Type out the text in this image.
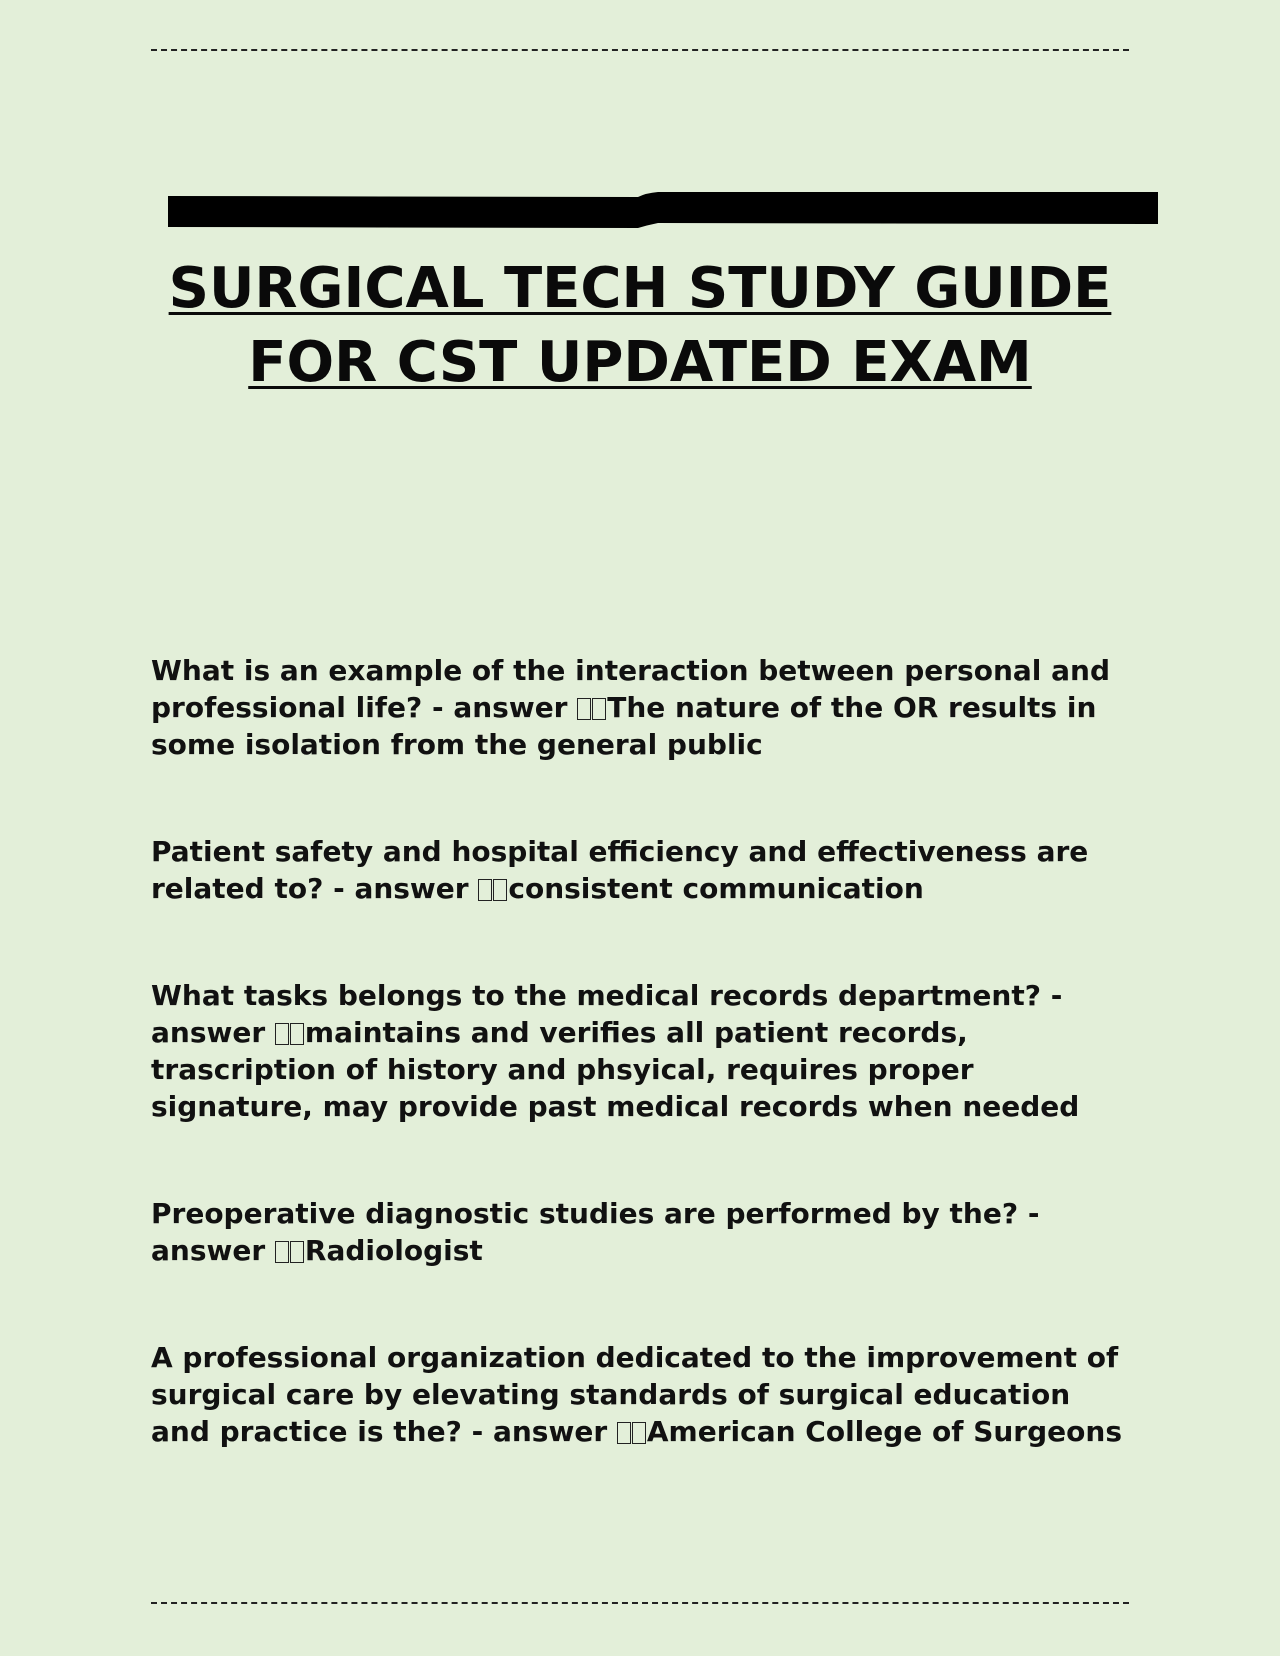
SURGICAL TECH STUDY GUIDE FOR CST UPDATED EXAM

What is an example of the interaction between personal and professional life? - answer The nature of the OR results in some isolation from the general public

Patient safety and hospital efficiency and effectiveness are related to? - answer consistent communication

What tasks belongs to the medical records department? - answer maintains and verifies all patient records, trascription of history and phsyical, requires proper signature, may provide past medical records when needed

Preoperative diagnostic studies are performed by the? - answer Radiologist

A professional organization dedicated to the improvement of surgical care by elevating standards of surgical education and practice is the? - answer American College of Surgeons
